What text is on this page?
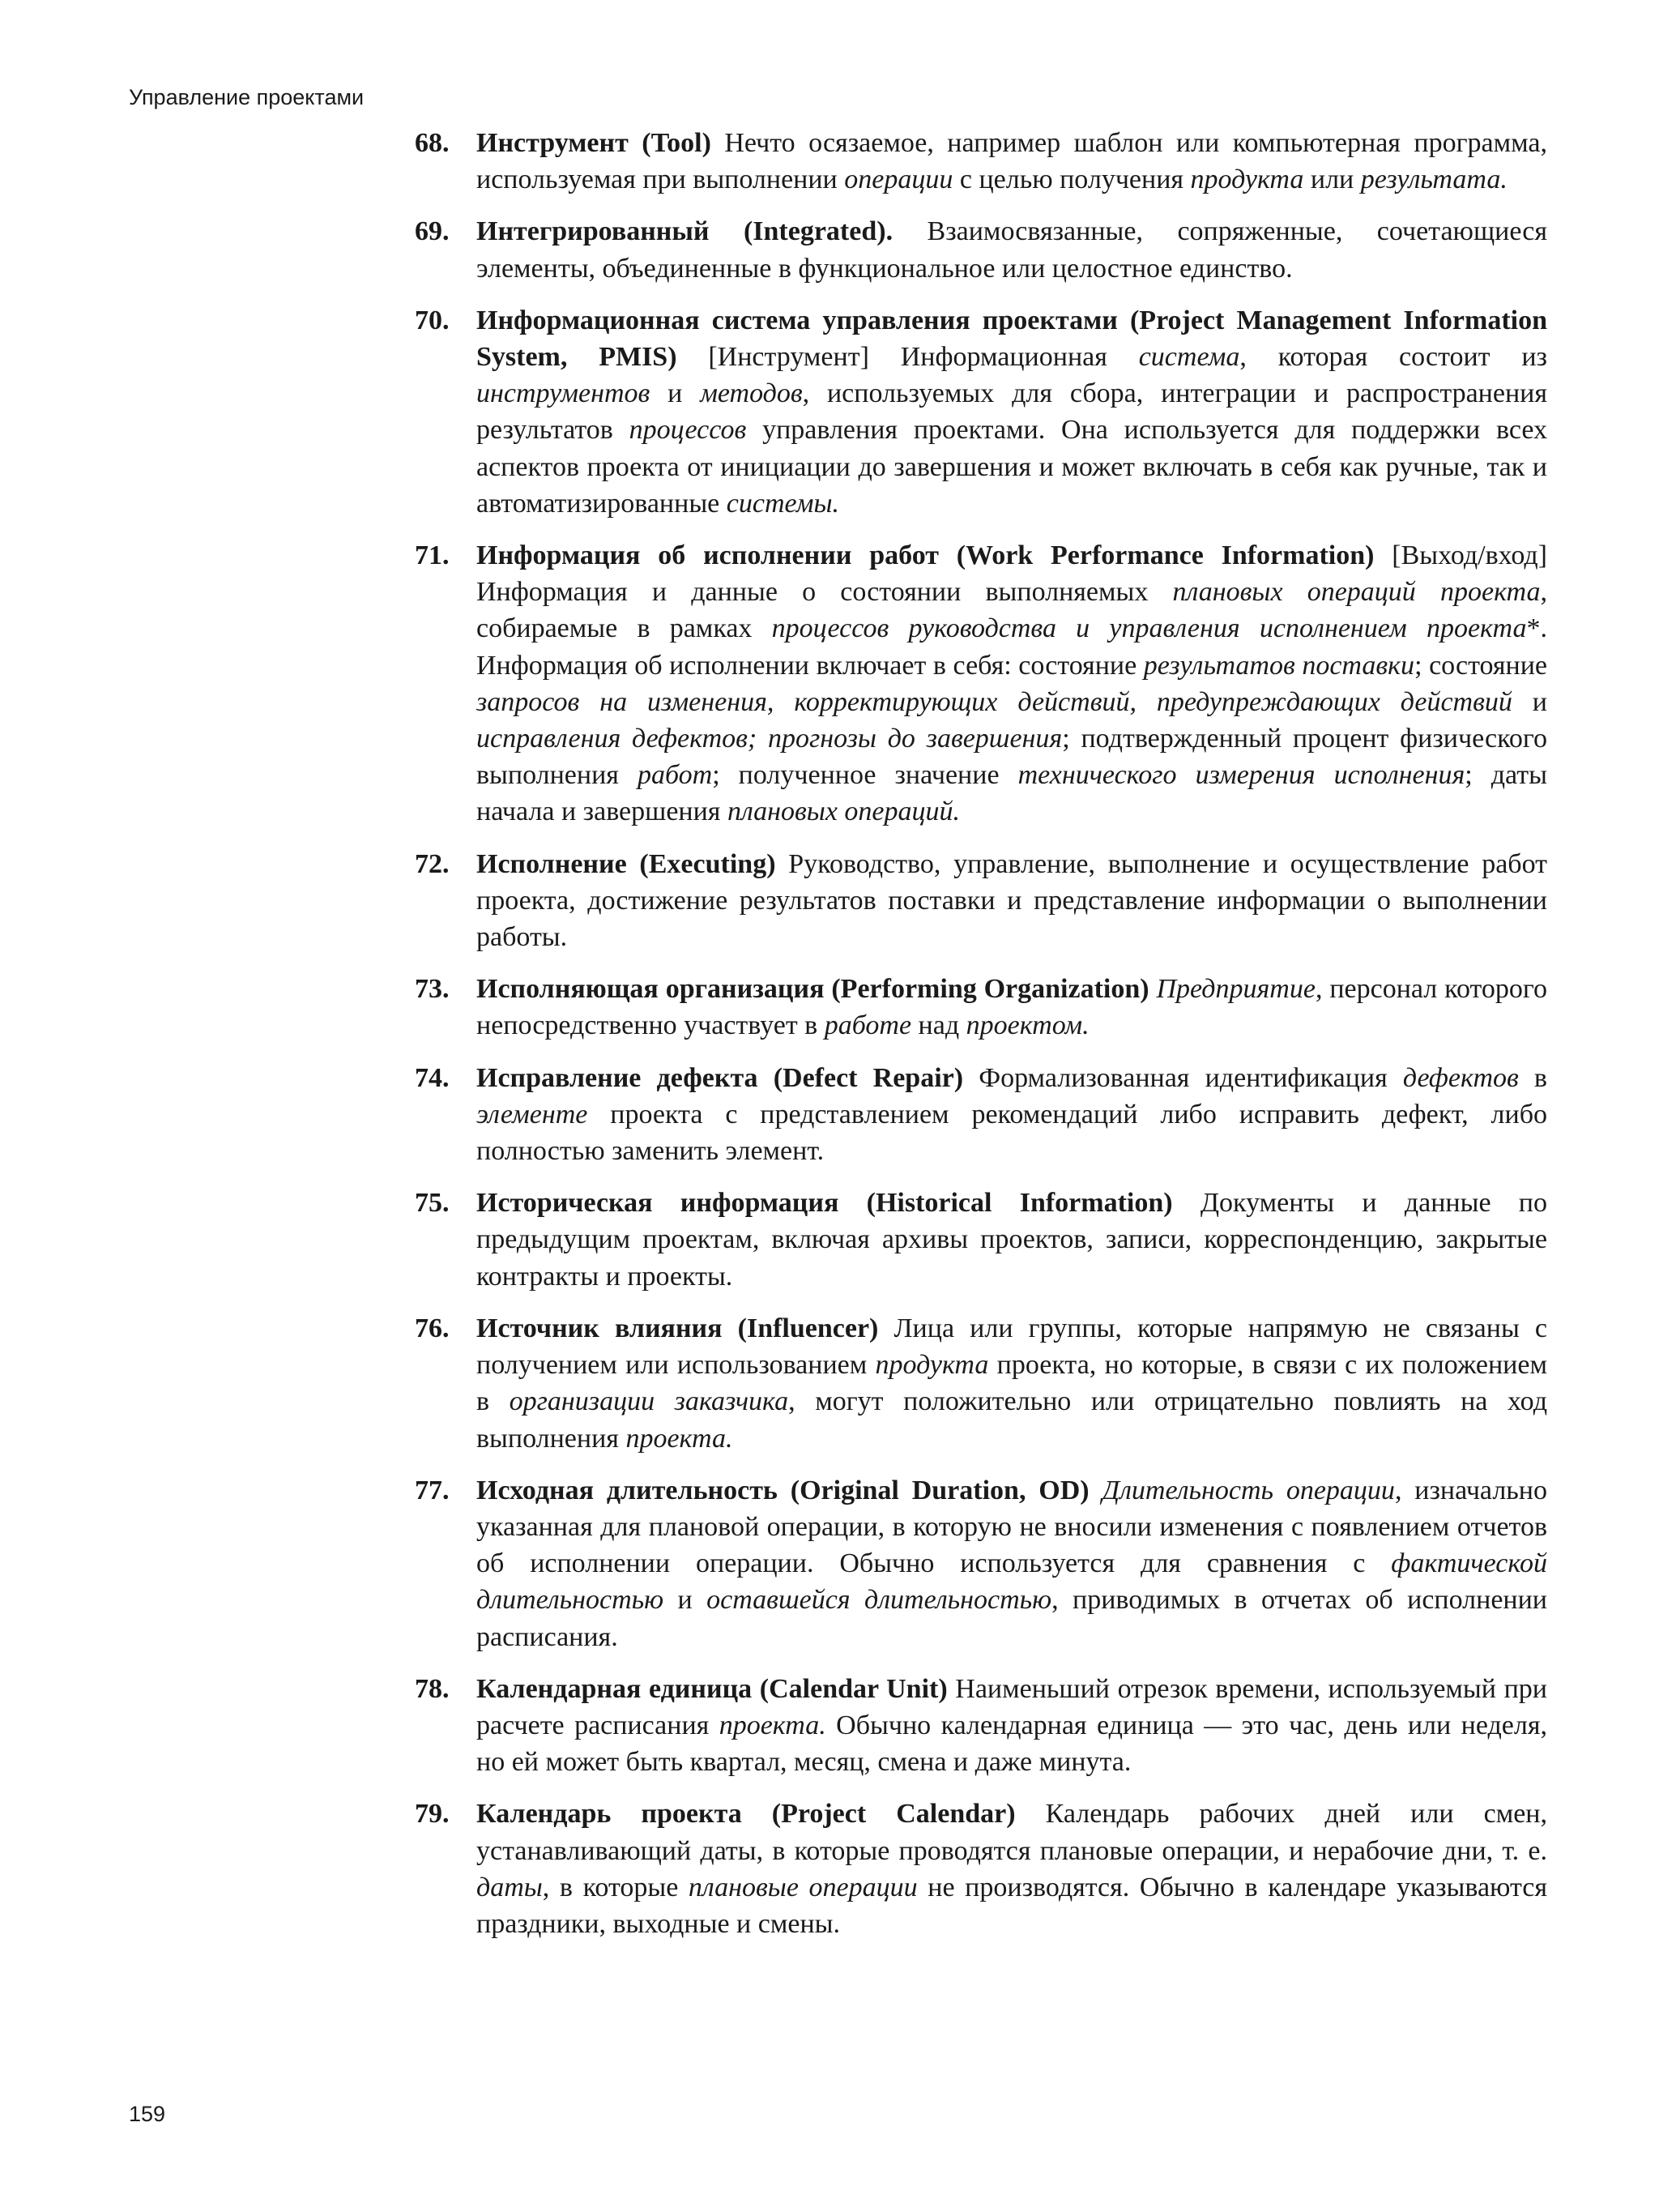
Управление проектами
68. Инструмент (Tool) Нечто осязаемое, например шаблон или компьютерная программа, используемая при выполнении операции с целью получения продукта или результата.
69. Интегрированный (Integrated). Взаимосвязанные, сопряженные, сочетающиеся элементы, объединенные в функциональное или целостное единство.
70. Информационная система управления проектами (Project Management Information System, PMIS) [Инструмент] Информационная система, которая состоит из инструментов и методов, используемых для сбора, интеграции и распространения результатов процессов управления проектами. Она используется для поддержки всех аспектов проекта от инициации до завершения и может включать в себя как ручные, так и автоматизированные системы.
71. Информация об исполнении работ (Work Performance Information) [Выход/вход] Информация и данные о состоянии выполняемых плановых операций проекта, собираемые в рамках процессов руководства и управления исполнением проекта*. Информация об исполнении включает в себя: состояние результатов поставки; состояние запросов на изменения, корректирующих действий, предупреждающих действий и исправления дефектов; прогнозы до завершения; подтвержденный процент физического выполнения работ; полученное значение технического измерения исполнения; даты начала и завершения плановых операций.
72. Исполнение (Executing) Руководство, управление, выполнение и осуществление работ проекта, достижение результатов поставки и представление информации о выполнении работы.
73. Исполняющая организация (Performing Organization) Предприятие, персонал которого непосредственно участвует в работе над проектом.
74. Исправление дефекта (Defect Repair) Формализованная идентификация дефектов в элементе проекта с представлением рекомендаций либо исправить дефект, либо полностью заменить элемент.
75. Историческая информация (Historical Information) Документы и данные по предыдущим проектам, включая архивы проектов, записи, корреспонденцию, закрытые контракты и проекты.
76. Источник влияния (Influencer) Лица или группы, которые напрямую не связаны с получением или использованием продукта проекта, но которые, в связи с их положением в организации заказчика, могут положительно или отрицательно повлиять на ход выполнения проекта.
77. Исходная длительность (Original Duration, OD) Длительность операции, изначально указанная для плановой операции, в которую не вносили изменения с появлением отчетов об исполнении операции. Обычно используется для сравнения с фактической длительностью и оставшейся длительностью, приводимых в отчетах об исполнении расписания.
78. Календарная единица (Calendar Unit) Наименьший отрезок времени, используемый при расчете расписания проекта. Обычно календарная единица — это час, день или неделя, но ей может быть квартал, месяц, смена и даже минута.
79. Календарь проекта (Project Calendar) Календарь рабочих дней или смен, устанавливающий даты, в которые проводятся плановые операции, и нерабочие дни, т. е. даты, в которые плановые операции не производятся. Обычно в календаре указываются праздники, выходные и смены.
159
